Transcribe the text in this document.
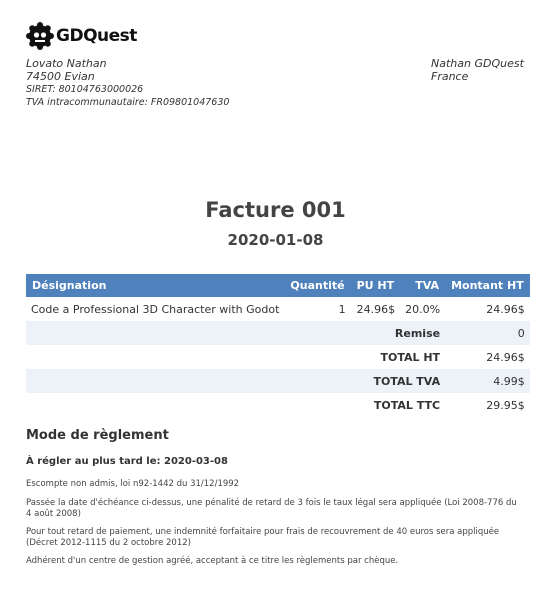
GDQuest
Lovato Nathan
74500 Evian
SIRET: 80104763000026
TVA intracommunautaire: FR09801047630
Nathan GDQuest
France
Facture 001
2020-01-08
Désignation	Quantité	PU HT	TVA	Montant HT
Code a Professional 3D Character with Godot	1	24.96$	20.0%	24.96$
Remise				0
TOTAL HT				24.96$
TOTAL TVA				4.99$
TOTAL TTC				29.95$
Mode de règlement
À régler au plus tard le: 2020-03-08
Escompte non admis, loi n92-1442 du 31/12/1992
Passée la date d'échéance ci-dessus, une pénalité de retard de 3 fois le taux légal sera appliquée (Loi 2008-776 du 4 août 2008)
Pour tout retard de paiement, une indemnité forfaitaire pour frais de recouvrement de 40 euros sera appliquée (Décret 2012-1115 du 2 octobre 2012)
Adhérent d'un centre de gestion agréé, acceptant à ce titre les règlements par chèque.
